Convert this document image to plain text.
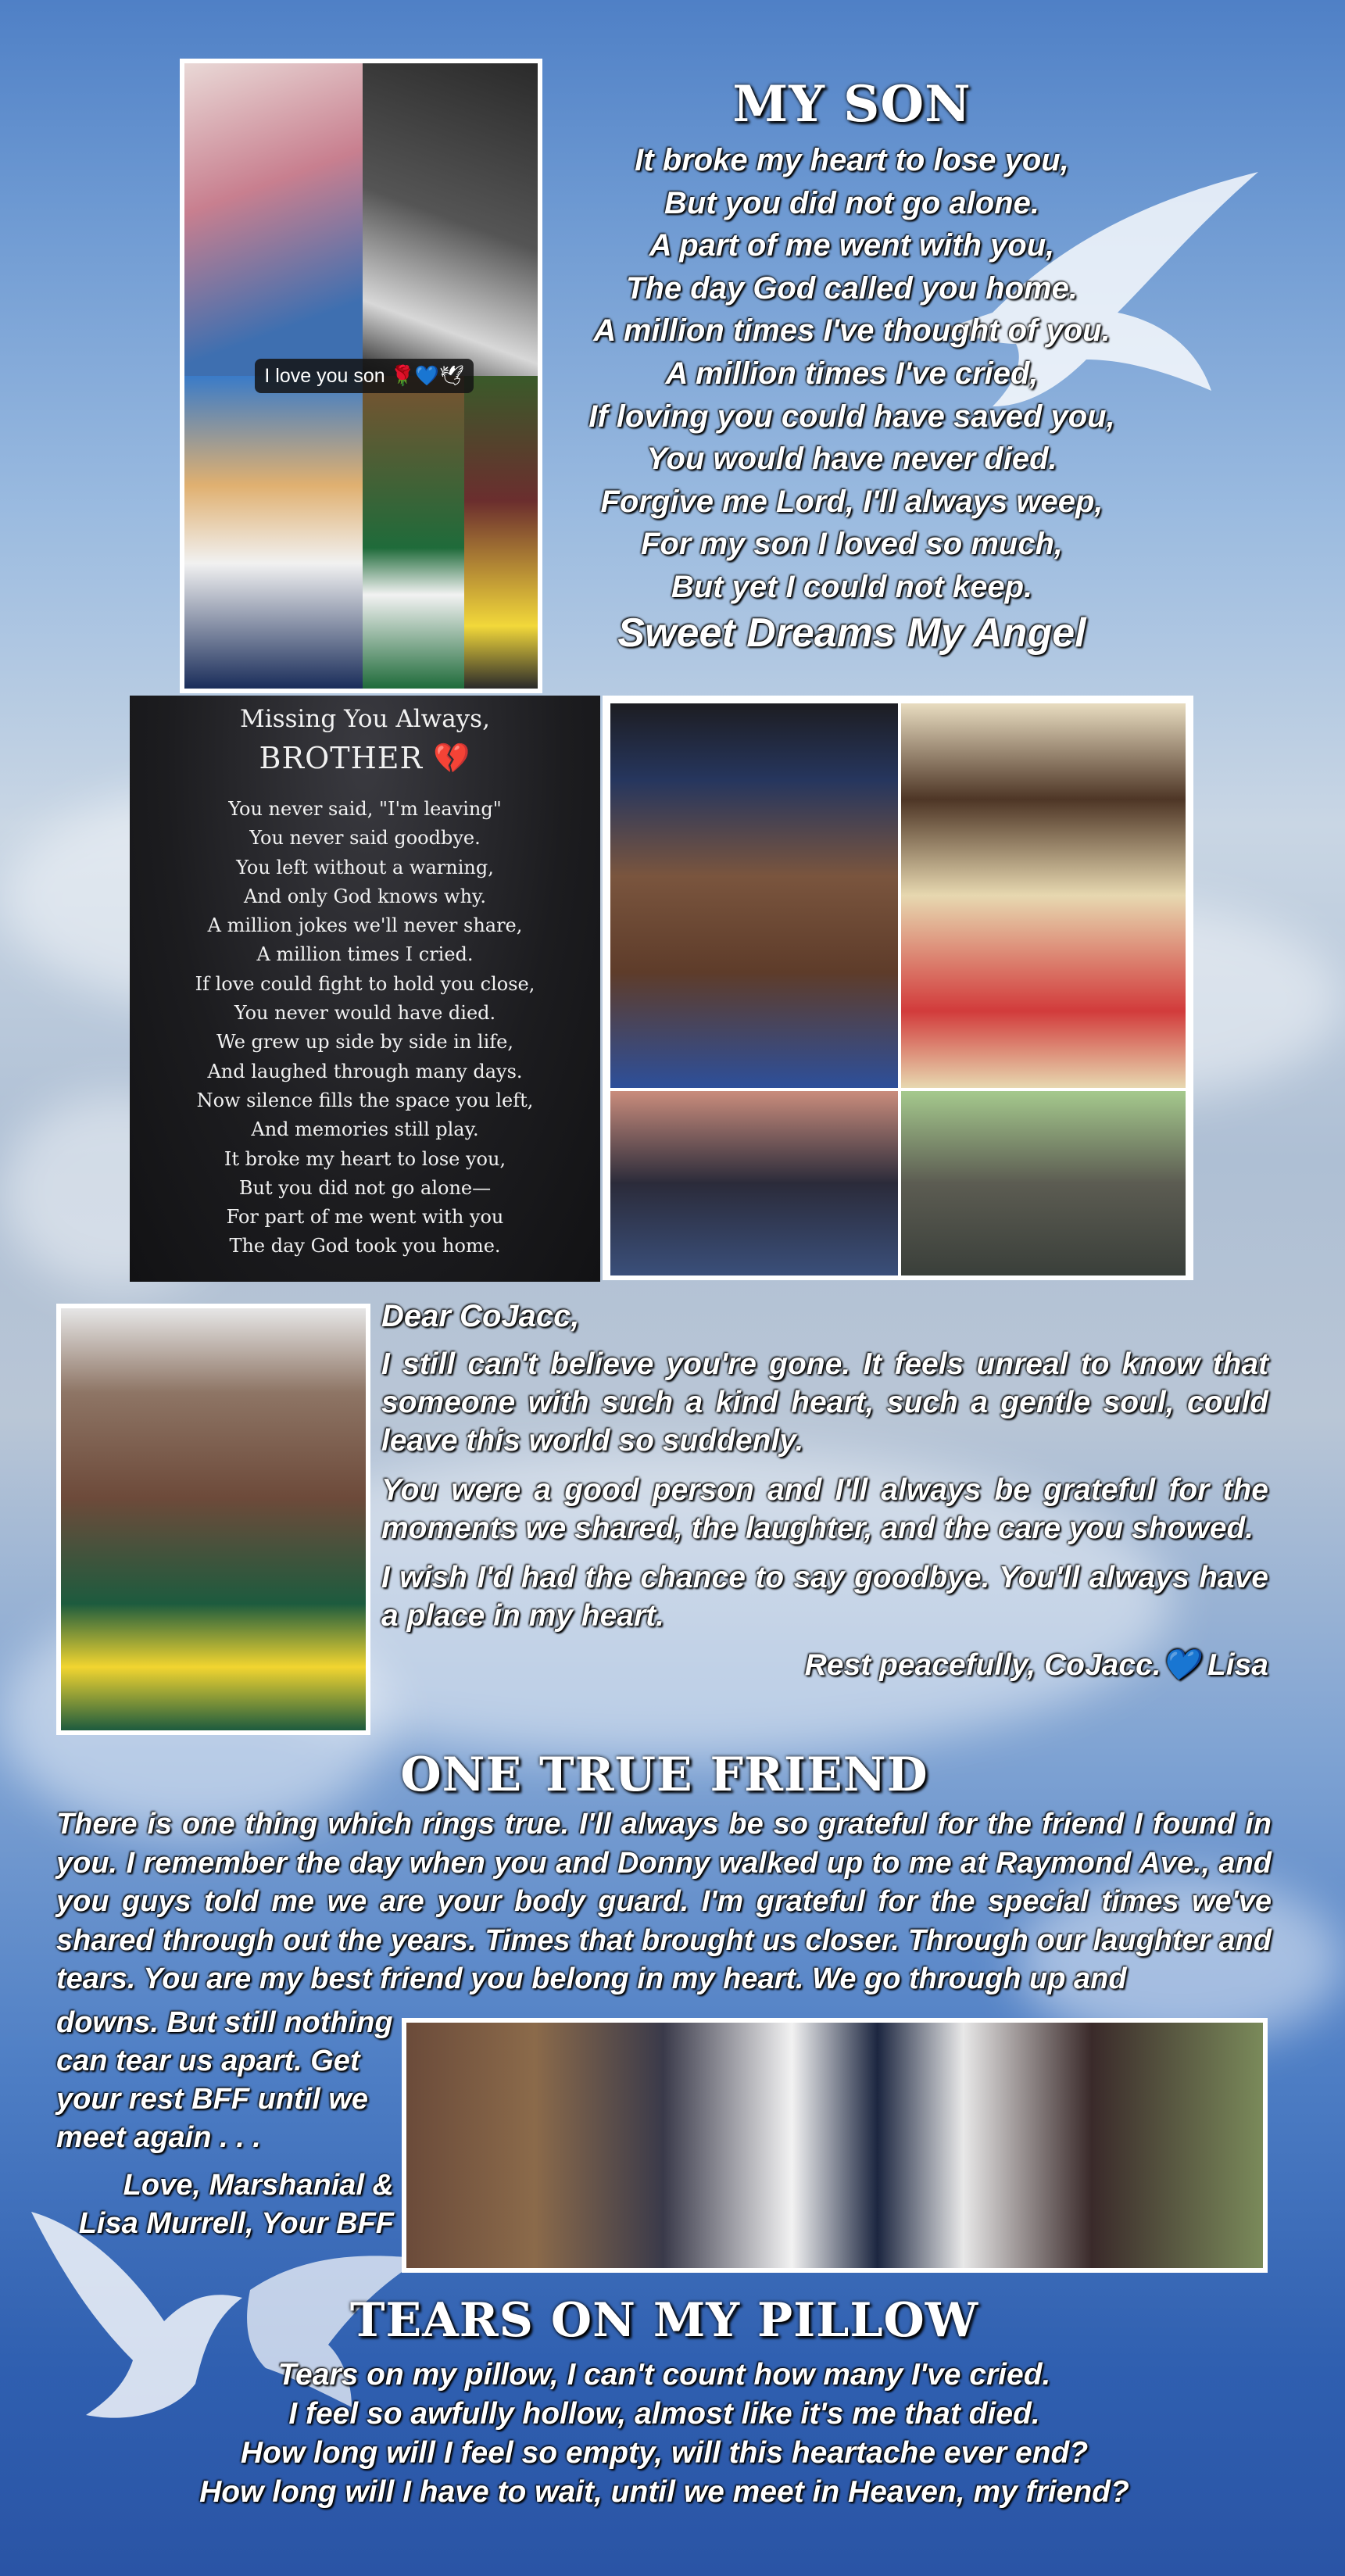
I love you son 🌹💙🕊
MY SON
It broke my heart to lose you,
But you did not go alone.
A part of me went with you,
The day God called you home.
A million times I've thought of you.
A million times I've cried,
If loving you could have saved you,
You would have never died.
Forgive me Lord, I'll always weep,
For my son I loved so much,
But yet I could not keep.
Sweet Dreams My Angel
Missing You Always,
BROTHER 💔
You never said, "I'm leaving"
You never said goodbye.
You left without a warning,
And only God knows why.
A million jokes we'll never share,
A million times I cried.
If love could fight to hold you close,
You never would have died.
We grew up side by side in life,
And laughed through many days.
Now silence fills the space you left,
And memories still play.
It broke my heart to lose you,
But you did not go alone—
For part of me went with you
The day God took you home.
Dear CoJacc,
I still can't believe you're gone. It feels unreal to know that someone with such a kind heart, such a gentle soul, could leave this world so suddenly.
You were a good person and I'll always be grateful for the moments we shared, the laughter, and the care you showed.
I wish I'd had the chance to say goodbye. You'll always have a place in my heart.
Rest peacefully, CoJacc.💙 Lisa
ONE TRUE FRIEND
There is one thing which rings true. I'll always be so grateful for the friend I found in you. I remember the day when you and Donny walked up to me at Raymond Ave., and you guys told me we are your body guard. I'm grateful for the special times we've shared through out the years. Times that brought us closer. Through our laughter and tears. You are my best friend you belong in my heart. We go through up and
downs. But still nothing can tear us apart. Get your rest BFF until we meet again . . .
Love, Marshanial & Lisa Murrell, Your BFF
TEARS ON MY PILLOW
Tears on my pillow, I can't count how many I've cried.
I feel so awfully hollow, almost like it's me that died.
How long will I feel so empty, will this heartache ever end?
How long will I have to wait, until we meet in Heaven, my friend?
